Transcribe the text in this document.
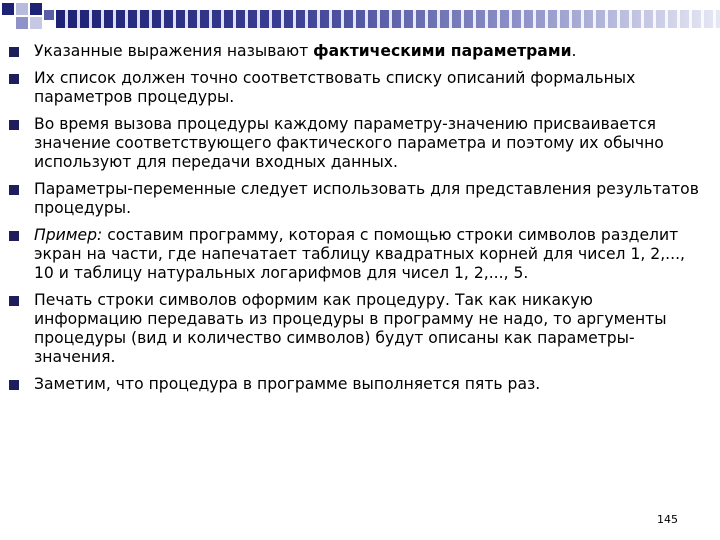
Указанные выражения называют фактическими параметрами.
Их список должен точно соответствовать списку описаний формальных параметров процедуры.
Во время вызова процедуры каждому параметру-значению присваивается значение соответствующего фактического параметра и поэтому их обычно используют для передачи входных данных.
Параметры-переменные следует использовать для представления результатов процедуры.
Пример: составим программу, которая с помощью строки символов разделит экран на части, где напечатает таблицу квадратных корней для чисел 1, 2,..., 10 и таблицу натуральных логарифмов для чисел 1, 2,..., 5.
Печать строки символов оформим как процедуру. Так как никакую информацию передавать из процедуры в программу не надо, то аргументы процедуры (вид и количество символов) будут описаны как параметры-значения.
Заметим, что процедура в программе выполняется пять раз.
145
